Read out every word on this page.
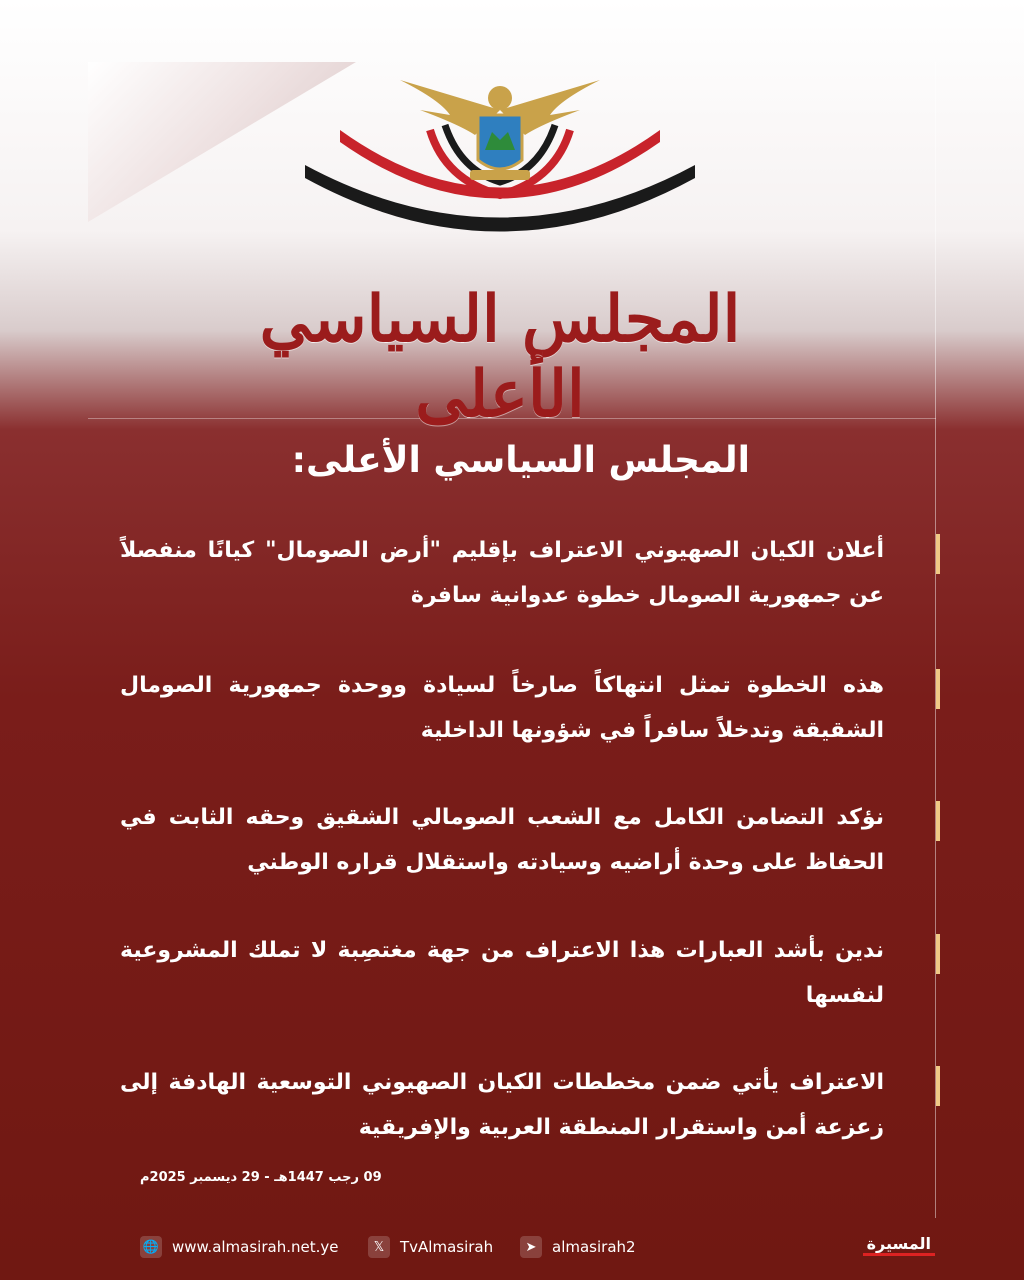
المجلس السياسي الأعلى
المجلس السياسي الأعلى:
أعلان الكيان الصهيوني الاعتراف بإقليم "أرض الصومال" كيانًا منفصلاً عن جمهورية الصومال خطوة عدوانية سافرة
هذه الخطوة تمثل انتهاكاً صارخاً لسيادة ووحدة جمهورية الصومال الشقيقة وتدخلاً سافراً في شؤونها الداخلية
نؤكد التضامن الكامل مع الشعب الصومالي الشقيق وحقه الثابت في الحفاظ على وحدة أراضيه وسيادته واستقلال قراره الوطني
ندين بأشد العبارات هذا الاعتراف من جهة مغتصِبة لا تملك المشروعية لنفسها
الاعتراف يأتي ضمن مخططات الكيان الصهيوني التوسعية الهادفة إلى زعزعة أمن واستقرار المنطقة العربية والإفريقية
09 رجب 1447هـ - 29 ديسمبر 2025م
🌐 www.almasirah.net.ye	𝕏	TvAlmasirah	➤	almasirah2	المسيرة
